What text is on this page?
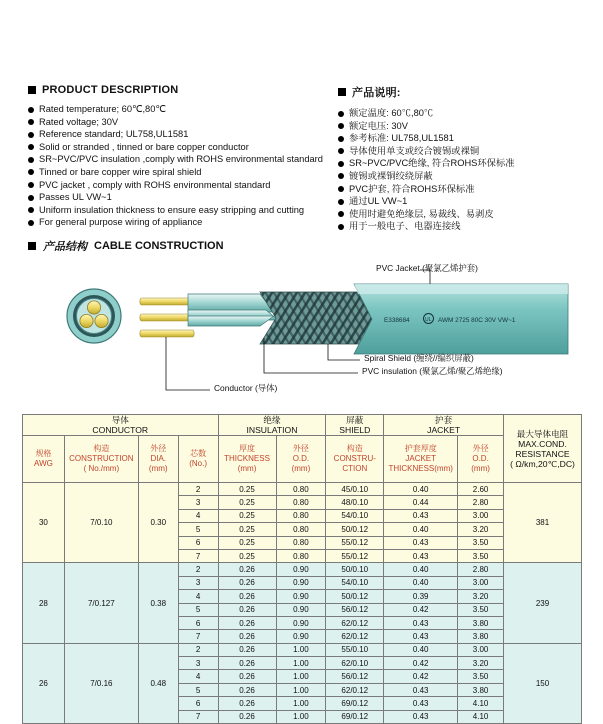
PRODUCT DESCRIPTION
Rated temperature; 60℃,80℃
Rated voltage; 30V
Reference standard; UL758,UL1581
Solid or stranded , tinned or bare copper conductor
SR~PVC/PVC insulation ,comply with ROHS environmental standard
Tinned or bare copper wire spiral shield
PVC jacket , comply with ROHS environmental standard
Passes UL VW~1
Uniform insulation thickness to ensure easy stripping and cutting
For general purpose wiring of appliance
产品说明:
额定温度: 60℃,80℃
额定电压: 30V
参考标准: UL758,UL1581
导体使用单支或绞合镀锡或裸铜
SR~PVC/PVC绝缘, 符合ROHS环保标准
镀锡或裸铜绞绕屏蔽
PVC护套, 符合ROHS环保标准
通过UL VW~1
使用时避免绝缘层, 易裁线、易剥皮
用于一般电子、电器连接线
产品结构 CABLE CONSTRUCTION
E338684	UL AWM 2725 80C 30V VW~1
PVC Jacket (聚氯乙烯护套)
Spiral Shield (缠绕//编织屏蔽)
PVC insulation (聚氯乙烯/聚乙烯绝缘)
Conductor (导体)
导体
CONDUCTOR				绝缘
INSULATION		屏蔽
SHIELD	护套
JACKET		最大导体电阻
MAX.COND.
RESISTANCE
( Ω/km,20℃,DC)

规格
AWG	构造
CONSTRUCTION
( No./mm)	外径
DIA.
(mm)	芯数
(No.)	厚度
THICKNESS
(mm)	外径
O.D.
(mm)	构造
CONSTRU-
CTION	护套厚度
JACKET
THICKNESS(mm)	外径
O.D.
(mm)	

30	7/0.10	0.30	2	0.25	0.80	45/0.10	0.40	2.60	381
			3	0.25	0.80	48/0.10	0.44	2.80	
			4	0.25	0.80	54/0.10	0.43	3.00	
			5	0.25	0.80	50/0.12	0.40	3.20	
			6	0.25	0.80	55/0.12	0.43	3.50	
			7	0.25	0.80	55/0.12	0.43	3.50	
28	7/0.127	0.38	2	0.26	0.90	50/0.10	0.40	2.80	239
			3	0.26	0.90	54/0.10	0.40	3.00	
			4	0.26	0.90	50/0.12	0.39	3.20	
			5	0.26	0.90	56/0.12	0.42	3.50	
			6	0.26	0.90	62/0.12	0.43	3.80	
			7	0.26	0.90	62/0.12	0.43	3.80	
26	7/0.16	0.48	2	0.26	1.00	55/0.10	0.40	3.00	150
			3	0.26	1.00	62/0.10	0.42	3.20	
			4	0.26	1.00	56/0.12	0.42	3.50	
			5	0.26	1.00	62/0.12	0.43	3.80	
			6	0.26	1.00	69/0.12	0.43	4.10	
			7	0.26	1.00	69/0.12	0.43	4.10	
